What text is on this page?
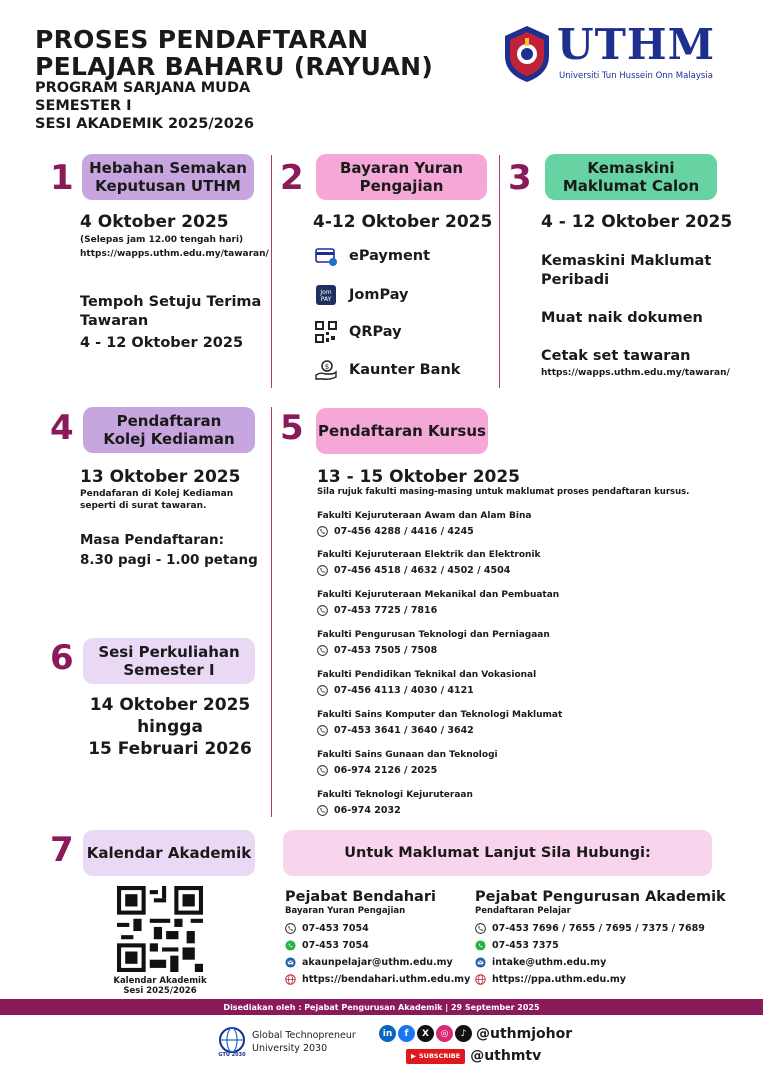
PROSES PENDAFTARAN
PELAJAR BAHARU (RAYUAN)
PROGRAM SARJANA MUDA
SEMESTER I
SESI AKADEMIK 2025/2026
UTHM
Universiti Tun Hussein Onn Malaysia
1	Hebahan Semakan
Keputusan UTHM
4 Oktober 2025
(Selepas jam 12.00 tengah hari)
https://wapps.uthm.edu.my/tawaran/
Tempoh Setuju Terima Tawaran
4 - 12 Oktober 2025
2	Bayaran Yuran
Pengajian
4-12 Oktober 2025
ePayment
Jom
PAY JomPay
QRPay
$ Kaunter Bank
3	Kemaskini
Maklumat Calon
4 - 12 Oktober 2025
Kemaskini Maklumat Peribadi
Muat naik dokumen
Cetak set tawaran
https://wapps.uthm.edu.my/tawaran/
4	Pendaftaran
Kolej Kediaman
13 Oktober 2025
Pendafaran di Kolej Kediaman seperti di surat tawaran.
Masa Pendaftaran:
8.30 pagi - 1.00 petang
5 Pendaftaran Kursus
13 - 15 Oktober 2025
Sila rujuk fakulti masing-masing untuk maklumat proses pendaftaran kursus.
Fakulti Kejuruteraan Awam dan Alam Bina
07-456 4288 / 4416 / 4245
Fakulti Kejuruteraan Elektrik dan Elektronik
07-456 4518 / 4632 / 4502 / 4504
Fakulti Kejuruteraan Mekanikal dan Pembuatan
07-453 7725 / 7816
Fakulti Pengurusan Teknologi dan Perniagaan
07-453 7505 / 7508
Fakulti Pendidikan Teknikal dan Vokasional
07-456 4113 / 4030 / 4121
Fakulti Sains Komputer dan Teknologi Maklumat
07-453 3641 / 3640 / 3642
Fakulti Sains Gunaan dan Teknologi
06-974 2126 / 2025
Fakulti Teknologi Kejuruteraan
06-974 2032
6	Sesi Perkuliahan
Semester I
14 Oktober 2025
hingga
15 Februari 2026
7 Kalendar Akademik
Kalendar Akademik
Sesi 2025/2026
Untuk Maklumat Lanjut Sila Hubungi:
Pejabat Bendahari
Bayaran Yuran Pengajian
07-453 7054
07-453 7054
akaunpelajar@uthm.edu.my
https://bendahari.uthm.edu.my
Pejabat Pengurusan Akademik
Pendaftaran Pelajar
07-453 7696 / 7655 / 7695 / 7375 / 7689
07-453 7375
intake@uthm.edu.my
https://ppa.uthm.edu.my
Disediakan oleh : Pejabat Pengurusan Akademik | 29 September 2025
GTU 2030
Global Technopreneur
University 2030
in	f	X	◎	♪ @uthmjohor
▶ SUBSCRIBE @uthmtv
